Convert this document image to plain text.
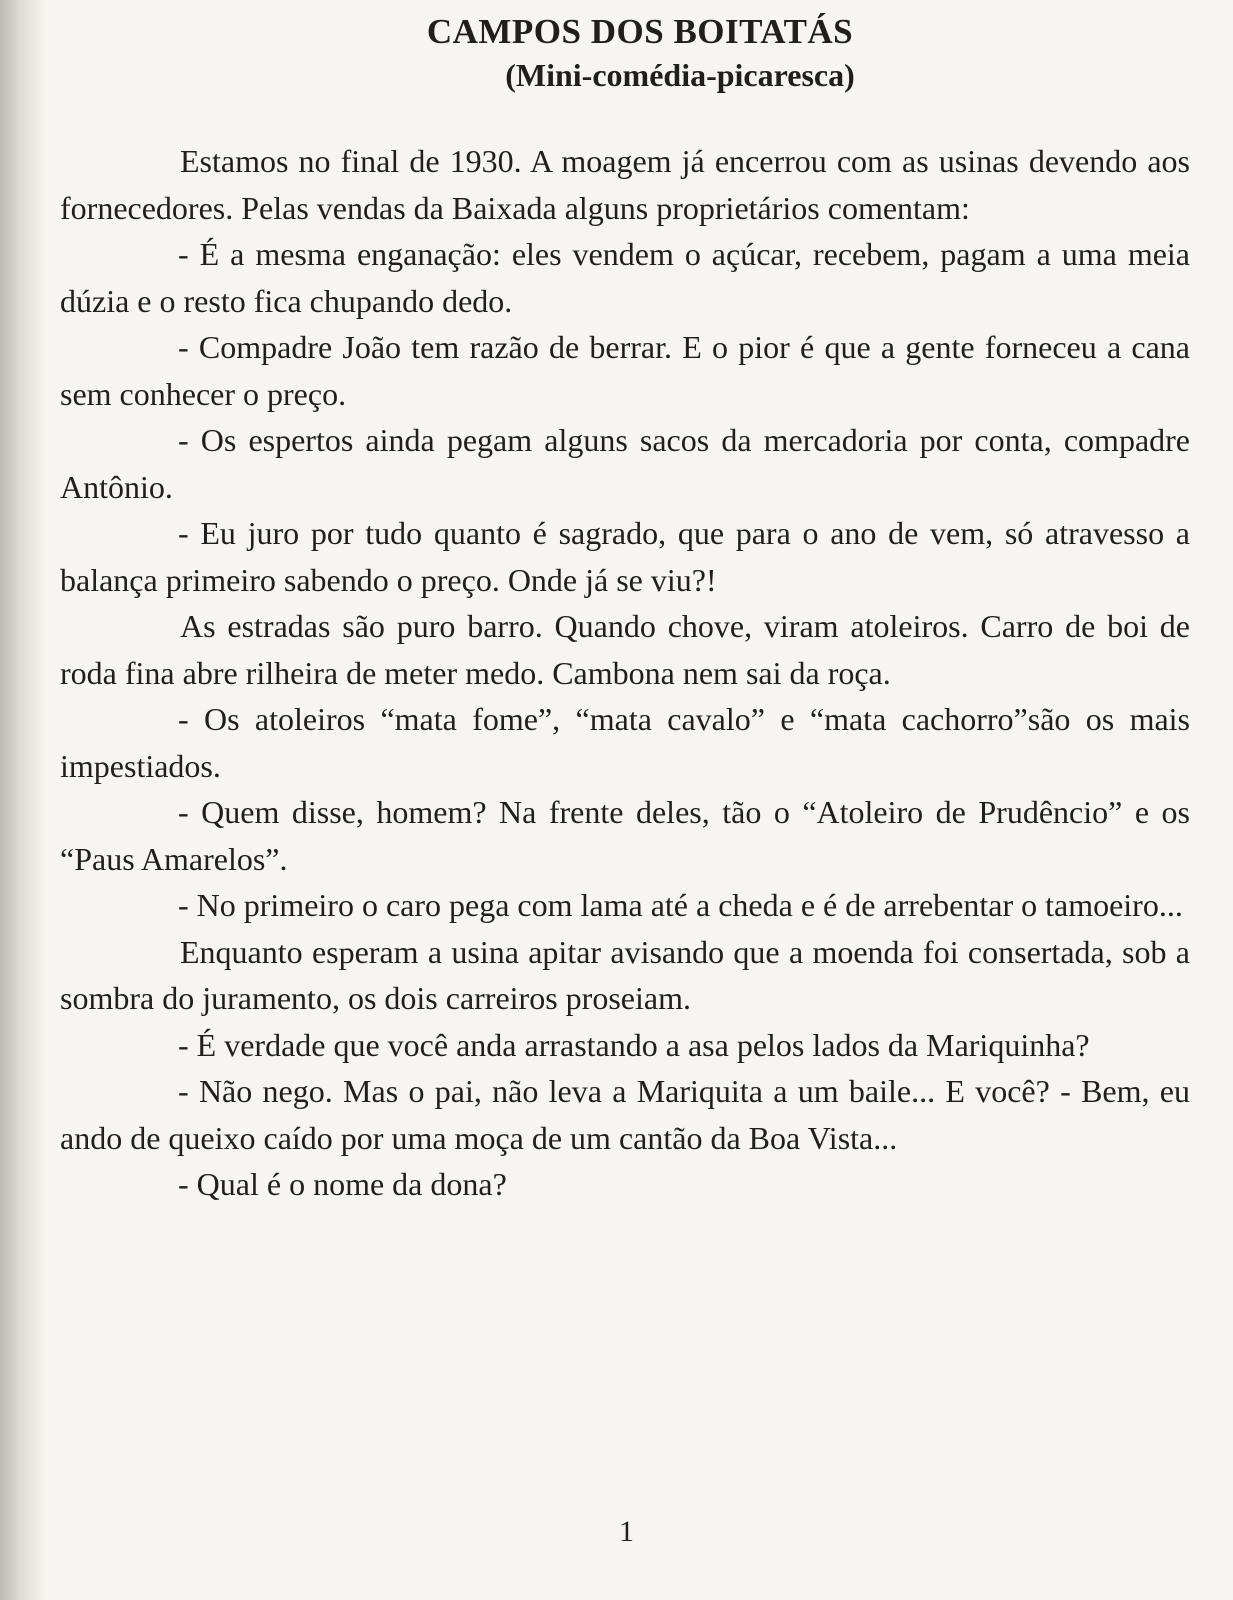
CAMPOS DOS BOITATÁS
(Mini-comédia-picaresca)

Estamos no final de 1930. A moagem já encerrou com as usinas devendo aos fornecedores. Pelas vendas da Baixada alguns proprietários comentam:

- É a mesma enganação: eles vendem o açúcar, recebem, pagam a uma meia dúzia e o resto fica chupando dedo.

- Compadre João tem razão de berrar. E o pior é que a gente forneceu a cana sem conhecer o preço.

- Os espertos ainda pegam alguns sacos da mercadoria por conta, compadre Antônio.

- Eu juro por tudo quanto é sagrado, que para o ano de vem, só atravesso a balança primeiro sabendo o preço. Onde já se viu?!

As estradas são puro barro. Quando chove, viram atoleiros. Carro de boi de roda fina abre rilheira de meter medo. Cambona nem sai da roça.

- Os atoleiros “mata fome”, “mata cavalo” e “mata cachorro”são os mais impestiados.

- Quem disse, homem? Na frente deles, tão o “Atoleiro de Prudêncio” e os “Paus Amarelos”.

- No primeiro o caro pega com lama até a cheda e é de arrebentar o tamoeiro...

Enquanto esperam a usina apitar avisando que a moenda foi consertada, sob a sombra do juramento, os dois carreiros proseiam.

- É verdade que você anda arrastando a asa pelos lados da Mariquinha?

- Não nego. Mas o pai, não leva a Mariquita a um baile... E você? - Bem, eu ando de queixo caído por uma moça de um cantão da Boa Vista...

- Qual é o nome da dona?

1
